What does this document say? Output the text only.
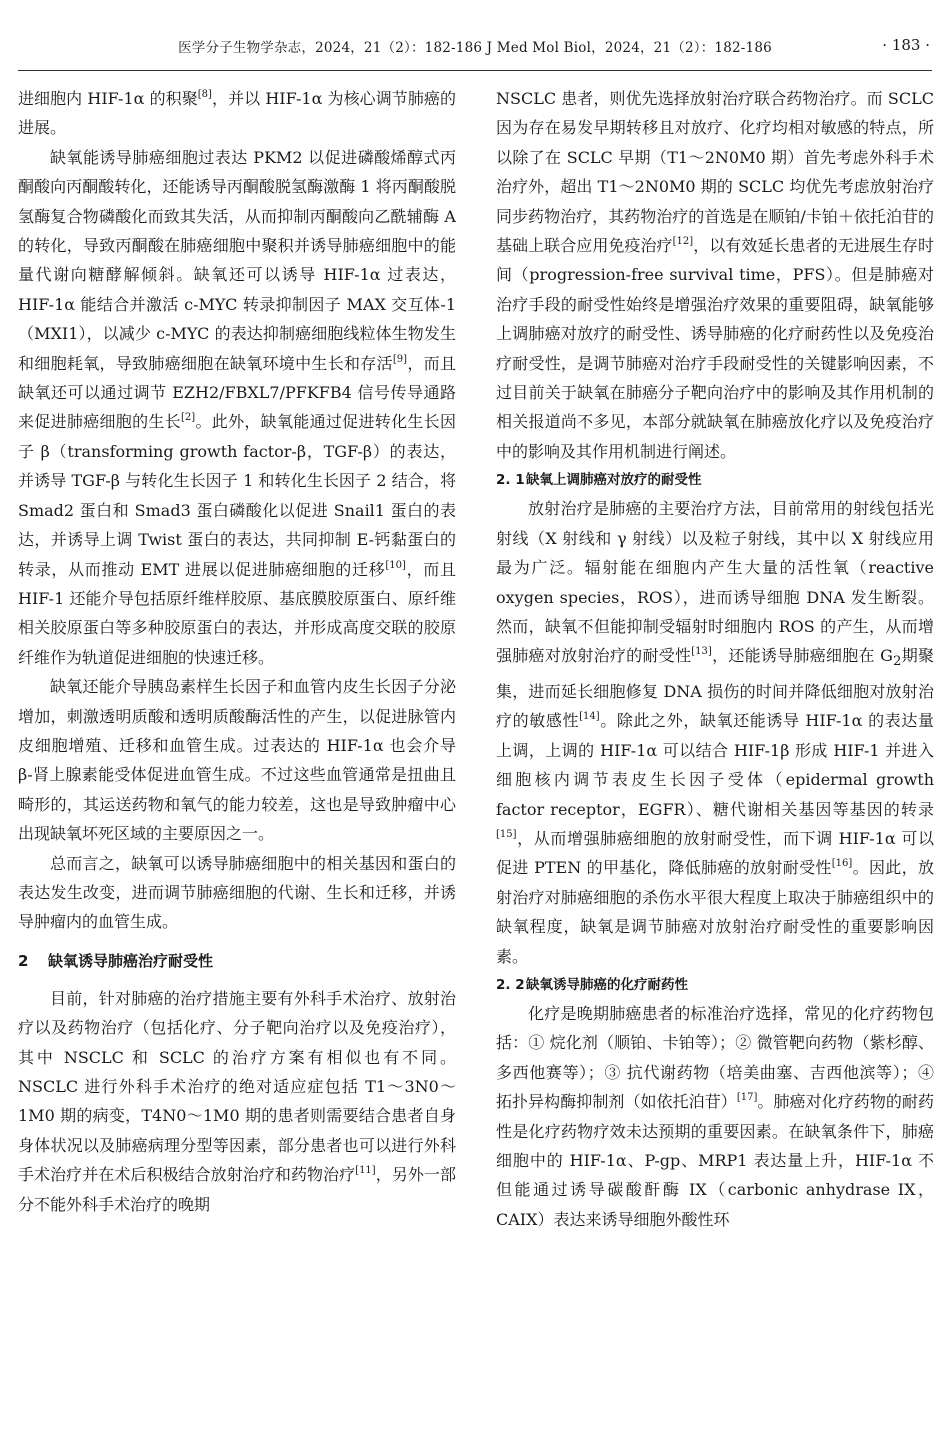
医学分子生物学杂志，2024，21（2）：182-186 J Med Mol Biol，2024，21（2）：182-186	· 183 ·

进细胞内 HIF-1α 的积聚[8]，并以 HIF-1α 为核心调节肺癌的进展。

缺氧能诱导肺癌细胞过表达 PKM2 以促进磷酸烯醇式丙酮酸向丙酮酸转化，还能诱导丙酮酸脱氢酶激酶 1 将丙酮酸脱氢酶复合物磷酸化而致其失活，从而抑制丙酮酸向乙酰辅酶 A 的转化，导致丙酮酸在肺癌细胞中聚积并诱导肺癌细胞中的能量代谢向糖酵解倾斜。缺氧还可以诱导 HIF-1α 过表达，HIF-1α 能结合并激活 c-MYC 转录抑制因子 MAX 交互体-1（MXI1），以减少 c-MYC 的表达抑制癌细胞线粒体生物发生和细胞耗氧，导致肺癌细胞在缺氧环境中生长和存活[9]，而且缺氧还可以通过调节 EZH2/FBXL7/PFKFB4 信号传导通路来促进肺癌细胞的生长[2]。此外，缺氧能通过促进转化生长因子 β（transforming growth factor-β，TGF-β）的表达，并诱导 TGF-β 与转化生长因子 1 和转化生长因子 2 结合，将 Smad2 蛋白和 Smad3 蛋白磷酸化以促进 Snail1 蛋白的表达，并诱导上调 Twist 蛋白的表达，共同抑制 E-钙黏蛋白的转录，从而推动 EMT 进展以促进肺癌细胞的迁移[10]，而且 HIF-1 还能介导包括原纤维样胶原、基底膜胶原蛋白、原纤维相关胶原蛋白等多种胶原蛋白的表达，并形成高度交联的胶原纤维作为轨道促进细胞的快速迁移。

缺氧还能介导胰岛素样生长因子和血管内皮生长因子分泌增加，刺激透明质酸和透明质酸酶活性的产生，以促进脉管内皮细胞增殖、迁移和血管生成。过表达的 HIF-1α 也会介导 β-肾上腺素能受体促进血管生成。不过这些血管通常是扭曲且畸形的，其运送药物和氧气的能力较差，这也是导致肿瘤中心出现缺氧坏死区域的主要原因之一。

总而言之，缺氧可以诱导肺癌细胞中的相关基因和蛋白的表达发生改变，进而调节肺癌细胞的代谢、生长和迁移，并诱导肿瘤内的血管生成。

2 缺氧诱导肺癌治疗耐受性

目前，针对肺癌的治疗措施主要有外科手术治疗、放射治疗以及药物治疗（包括化疗、分子靶向治疗以及免疫治疗），其中 NSCLC 和 SCLC 的治疗方案有相似也有不同。NSCLC 进行外科手术治疗的绝对适应症包括 T1～3N0～1M0 期的病变，T4N0～1M0 期的患者则需要结合患者自身身体状况以及肺癌病理分型等因素，部分患者也可以进行外科手术治疗并在术后积极结合放射治疗和药物治疗[11]，另外一部分不能外科手术治疗的晚期

NSCLC 患者，则优先选择放射治疗联合药物治疗。而 SCLC 因为存在易发早期转移且对放疗、化疗均相对敏感的特点，所以除了在 SCLC 早期（T1～2N0M0 期）首先考虑外科手术治疗外，超出 T1～2N0M0 期的 SCLC 均优先考虑放射治疗同步药物治疗，其药物治疗的首选是在顺铂/卡铂＋依托泊苷的基础上联合应用免疫治疗[12]，以有效延长患者的无进展生存时间（progression-free survival time，PFS）。但是肺癌对治疗手段的耐受性始终是增强治疗效果的重要阻碍，缺氧能够上调肺癌对放疗的耐受性、诱导肺癌的化疗耐药性以及免疫治疗耐受性，是调节肺癌对治疗手段耐受性的关键影响因素，不过目前关于缺氧在肺癌分子靶向治疗中的影响及其作用机制的相关报道尚不多见，本部分就缺氧在肺癌放化疗以及免疫治疗中的影响及其作用机制进行阐述。

2. 1缺氧上调肺癌对放疗的耐受性

放射治疗是肺癌的主要治疗方法，目前常用的射线包括光射线（X 射线和 γ 射线）以及粒子射线，其中以 X 射线应用最为广泛。辐射能在细胞内产生大量的活性氧（reactive oxygen species，ROS），进而诱导细胞 DNA 发生断裂。然而，缺氧不但能抑制受辐射时细胞内 ROS 的产生，从而增强肺癌对放射治疗的耐受性[13]，还能诱导肺癌细胞在 $G_2$期聚集，进而延长细胞修复 DNA 损伤的时间并降低细胞对放射治疗的敏感性[14]。除此之外，缺氧还能诱导 HIF-1α 的表达量上调，上调的 HIF-1α 可以结合 HIF-1β 形成 HIF-1 并进入细胞核内调节表皮生长因子受体（epidermal growth factor receptor，EGFR）、糖代谢相关基因等基因的转录[15]，从而增强肺癌细胞的放射耐受性，而下调 HIF-1α 可以促进 PTEN 的甲基化，降低肺癌的放射耐受性[16]。因此，放射治疗对肺癌细胞的杀伤水平很大程度上取决于肺癌组织中的缺氧程度，缺氧是调节肺癌对放射治疗耐受性的重要影响因素。

2. 2缺氧诱导肺癌的化疗耐药性

化疗是晚期肺癌患者的标准治疗选择，常见的化疗药物包括：① 烷化剂（顺铂、卡铂等）；② 微管靶向药物（紫杉醇、多西他赛等）；③ 抗代谢药物（培美曲塞、吉西他滨等）；④ 拓扑异构酶抑制剂（如依托泊苷）[17]。肺癌对化疗药物的耐药性是化疗药物疗效未达预期的重要因素。在缺氧条件下，肺癌细胞中的 HIF-1α、P-gp、MRP1 表达量上升，HIF-1α 不但能通过诱导碳酸酐酶 IX（carbonic anhydrase IX，CAIX）表达来诱导细胞外酸性环
